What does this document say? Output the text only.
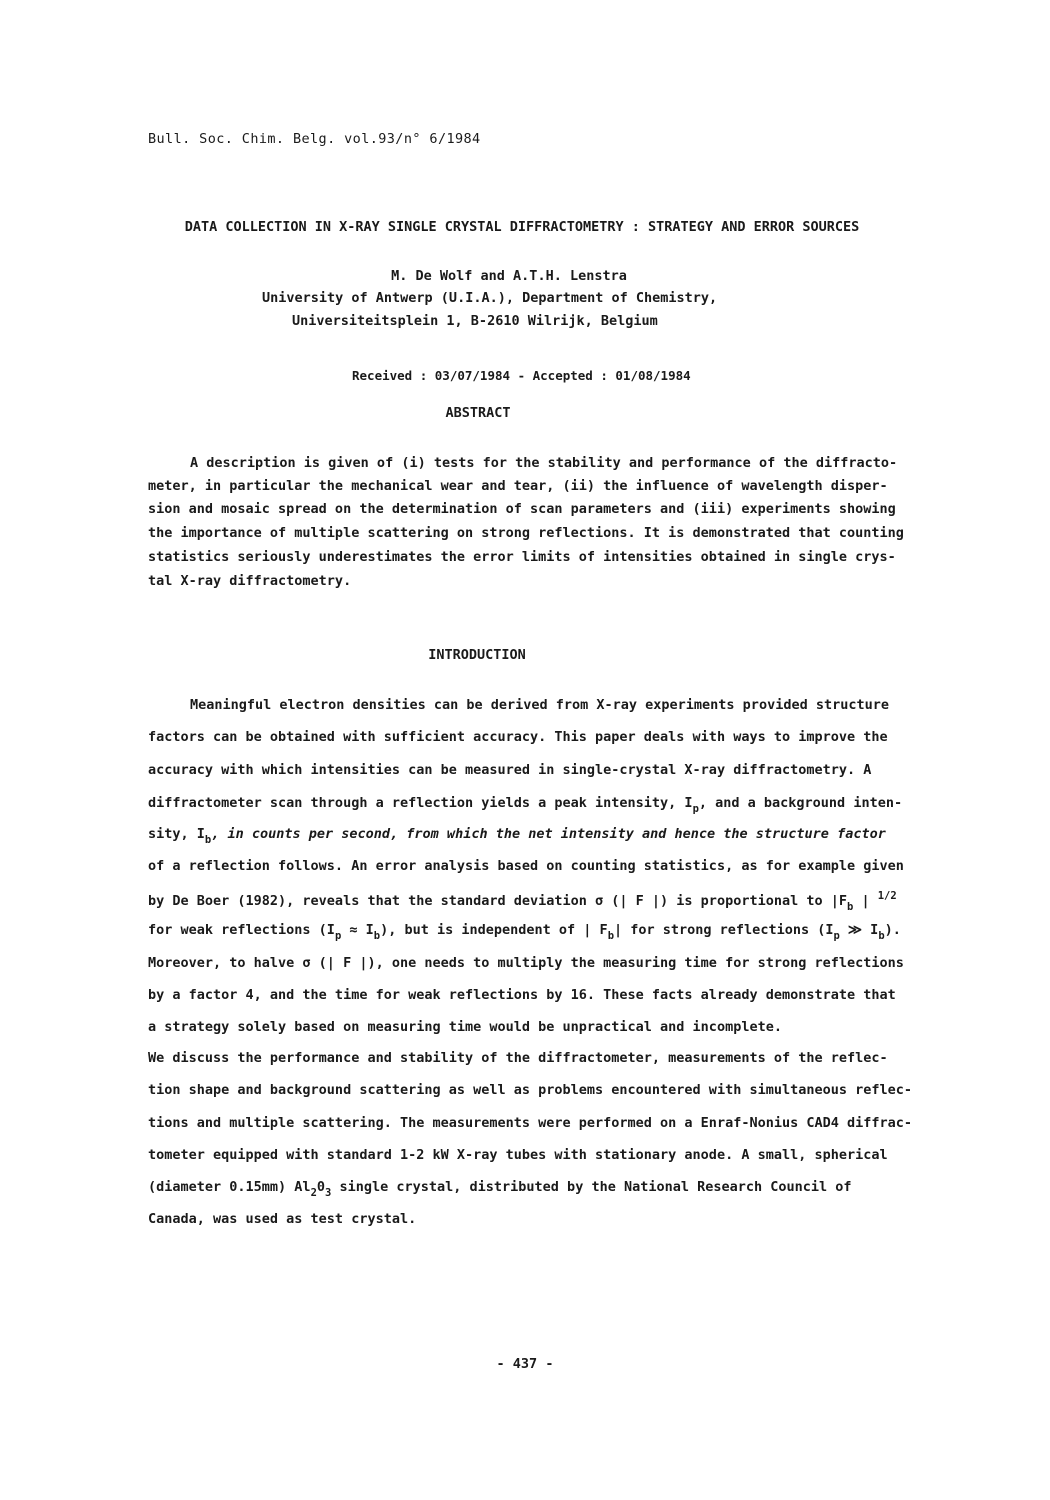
Bull. Soc. Chim. Belg. vol.93/n° 6/1984
DATA COLLECTION IN X-RAY SINGLE CRYSTAL DIFFRACTOMETRY : STRATEGY AND ERROR SOURCES
M. De Wolf and A.T.H. Lenstra
University of Antwerp (U.I.A.), Department of Chemistry,
Universiteitsplein 1, B-2610 Wilrijk, Belgium
Received : 03/07/1984 - Accepted : 01/08/1984
ABSTRACT
A description is given of (i) tests for the stability and performance of the diffracto-
meter, in particular the mechanical wear and tear, (ii) the influence of wavelength disper-
sion and mosaic spread on the determination of scan parameters and (iii) experiments showing
the importance of multiple scattering on strong reflections. It is demonstrated that counting
statistics seriously underestimates the error limits of intensities obtained in single crys-
tal X-ray diffractometry.
INTRODUCTION
Meaningful electron densities can be derived from X-ray experiments provided structure
factors can be obtained with sufficient accuracy. This paper deals with ways to improve the
accuracy with which intensities can be measured in single-crystal X-ray diffractometry. A
diffractometer scan through a reflection yields a peak intensity, $I_p$, and a background inten-
sity, $I_b$, in counts per second, from which the net intensity and hence the structure factor
of a reflection follows. An error analysis based on counting statistics, as for example given
by De Boer (1982), reveals that the standard deviation σ (| F |) is proportional to $|F_b$ | $^{1/2}$
for weak reflections $(I_p \approx I_b)$, but is independent of | $F_b|$ for strong reflections ($I_p$ ≫ $I_b$).
Moreover, to halve σ (| F |), one needs to multiply the measuring time for strong reflections
by a factor 4, and the time for weak reflections by 16. These facts already demonstrate that
a strategy solely based on measuring time would be unpractical and incomplete.
We discuss the performance and stability of the diffractometer, measurements of the reflec-
tion shape and background scattering as well as problems encountered with simultaneous reflec-
tions and multiple scattering. The measurements were performed on a Enraf-Nonius CAD4 diffrac-
tometer equipped with standard 1-2 kW X-ray tubes with stationary anode. A small, spherical
(diameter 0.15mm) $Al_20_3$ single crystal, distributed by the National Research Council of
Canada, was used as test crystal.
- 437 -
